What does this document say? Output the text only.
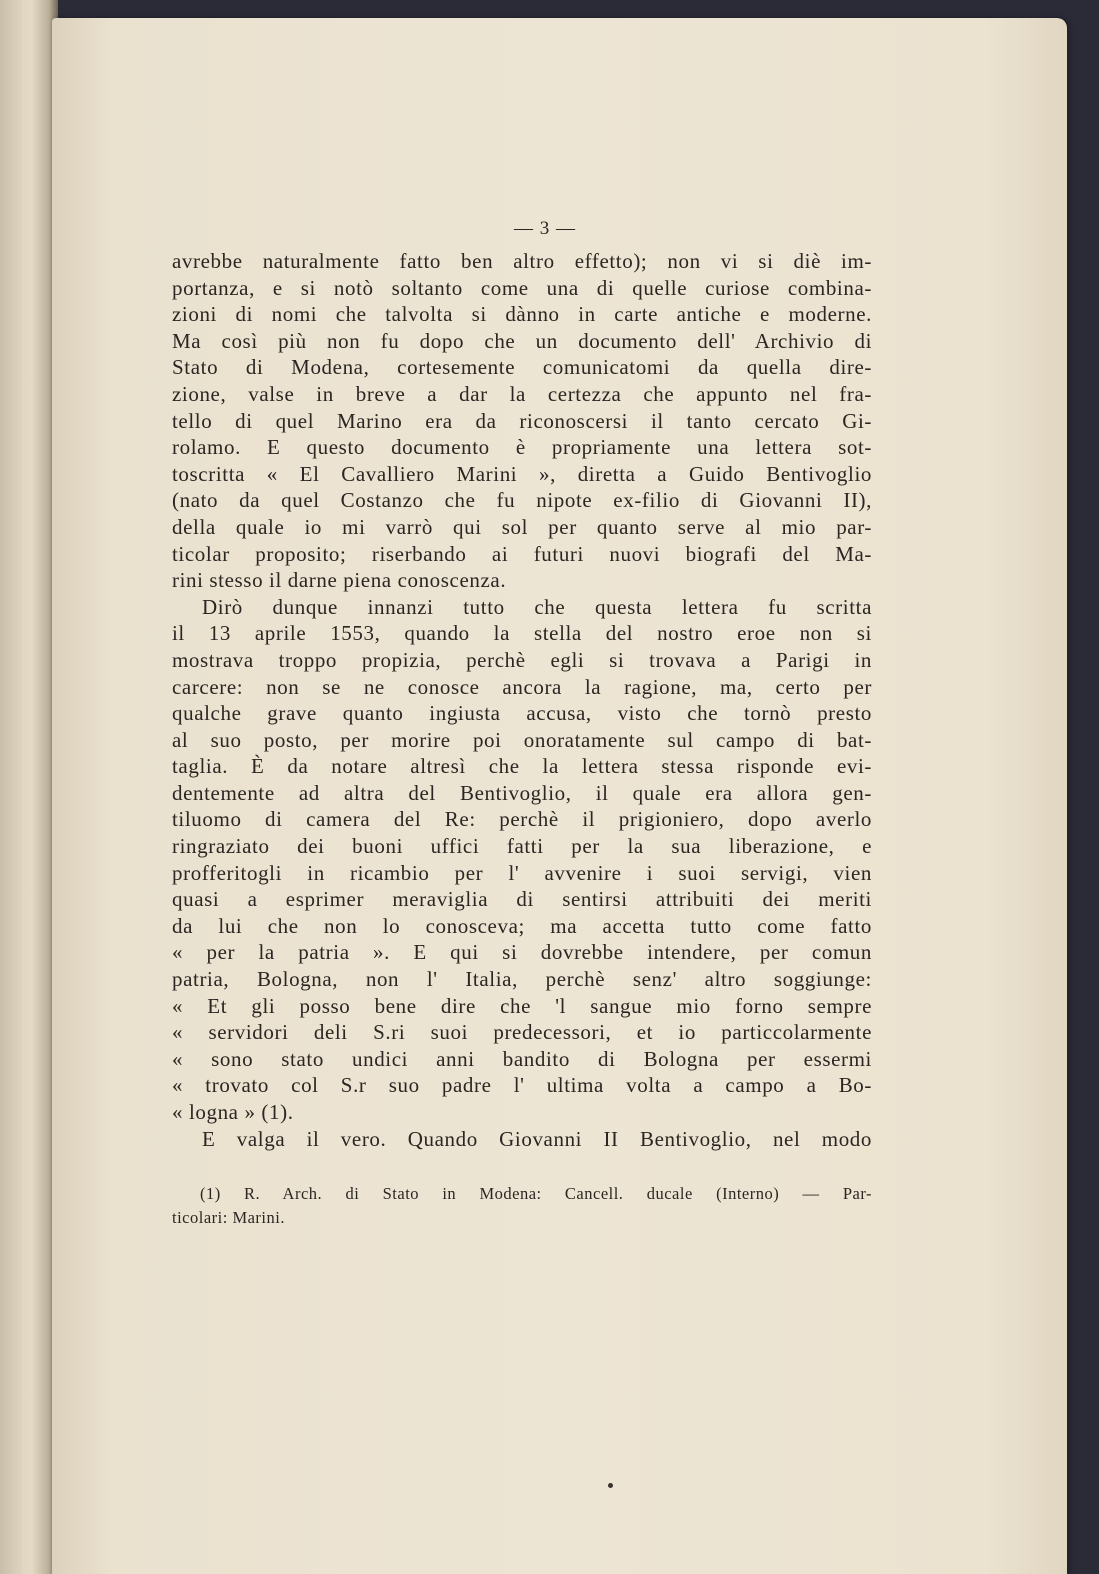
— 3 —
avrebbe naturalmente fatto ben altro effetto); non vi si diè im-
portanza, e si notò soltanto come una di quelle curiose combina-
zioni di nomi che talvolta si dànno in carte antiche e moderne.
Ma così più non fu dopo che un documento dell' Archivio di
Stato di Modena, cortesemente comunicatomi da quella dire-
zione, valse in breve a dar la certezza che appunto nel fra-
tello di quel Marino era da riconoscersi il tanto cercato Gi-
rolamo. E questo documento è propriamente una lettera sot-
toscritta « El Cavalliero Marini », diretta a Guido Bentivoglio
(nato da quel Costanzo che fu nipote ex-filio di Giovanni II),
della quale io mi varrò qui sol per quanto serve al mio par-
ticolar proposito; riserbando ai futuri nuovi biografi del Ma-
rini stesso il darne piena conoscenza.
Dirò dunque innanzi tutto che questa lettera fu scritta
il 13 aprile 1553, quando la stella del nostro eroe non si
mostrava troppo propizia, perchè egli si trovava a Parigi in
carcere: non se ne conosce ancora la ragione, ma, certo per
qualche grave quanto ingiusta accusa, visto che tornò presto
al suo posto, per morire poi onoratamente sul campo di bat-
taglia. È da notare altresì che la lettera stessa risponde evi-
dentemente ad altra del Bentivoglio, il quale era allora gen-
tiluomo di camera del Re: perchè il prigioniero, dopo averlo
ringraziato dei buoni uffici fatti per la sua liberazione, e
profferitogli in ricambio per l' avvenire i suoi servigi, vien
quasi a esprimer meraviglia di sentirsi attribuiti dei meriti
da lui che non lo conosceva; ma accetta tutto come fatto
« per la patria ». E qui si dovrebbe intendere, per comun
patria, Bologna, non l' Italia, perchè senz' altro soggiunge:
« Et gli posso bene dire che 'l sangue mio forno sempre
« servidori deli S.ri suoi predecessori, et io particcolarmente
« sono stato undici anni bandito di Bologna per essermi
« trovato col S.r suo padre l' ultima volta a campo a Bo-
« logna » (1).
E valga il vero. Quando Giovanni II Bentivoglio, nel modo
(1) R. Arch. di Stato in Modena: Cancell. ducale (Interno) — Par-
ticolari: Marini.
